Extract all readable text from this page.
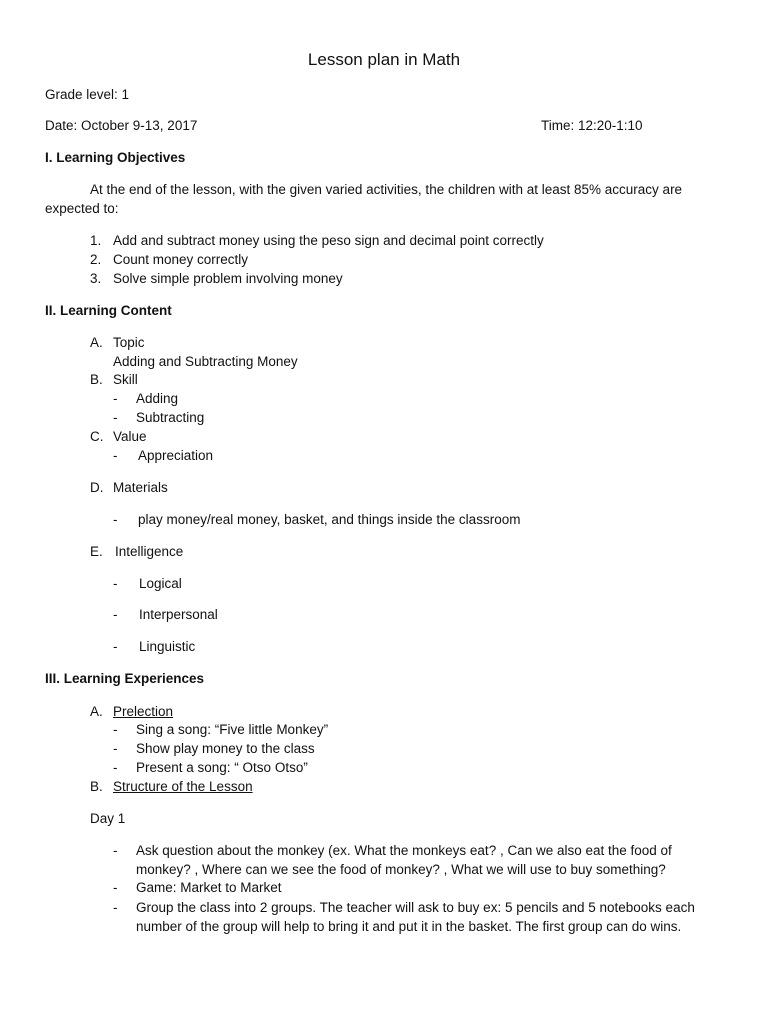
Lesson plan in Math
Grade level: 1
Date: October 9-13, 2017	Time: 12:20-1:10
I. Learning Objectives
At the end of the lesson, with the given varied activities, the children with at least 85% accuracy are
expected to:
1. Add and subtract money using the peso sign and decimal point correctly
2. Count money correctly
3. Solve simple problem involving money
II. Learning Content
A. Topic
Adding and Subtracting Money
B. Skill
- Adding
- Subtracting
C. Value
- Appreciation
D. Materials
- play money/real money, basket, and things inside the classroom
E. Intelligence
- Logical
- Interpersonal
- Linguistic
III. Learning Experiences
A. Prelection
- Sing a song: “Five little Monkey”
- Show play money to the class
- Present a song: “ Otso Otso”
B. Structure of the Lesson
Day 1
- Ask question about the monkey (ex. What the monkeys eat? , Can we also eat the food of
monkey? , Where can we see the food of monkey? , What we will use to buy something?
- Game: Market to Market
- Group the class into 2 groups. The teacher will ask to buy ex: 5 pencils and 5 notebooks each
number of the group will help to bring it and put it in the basket. The first group can do wins.
